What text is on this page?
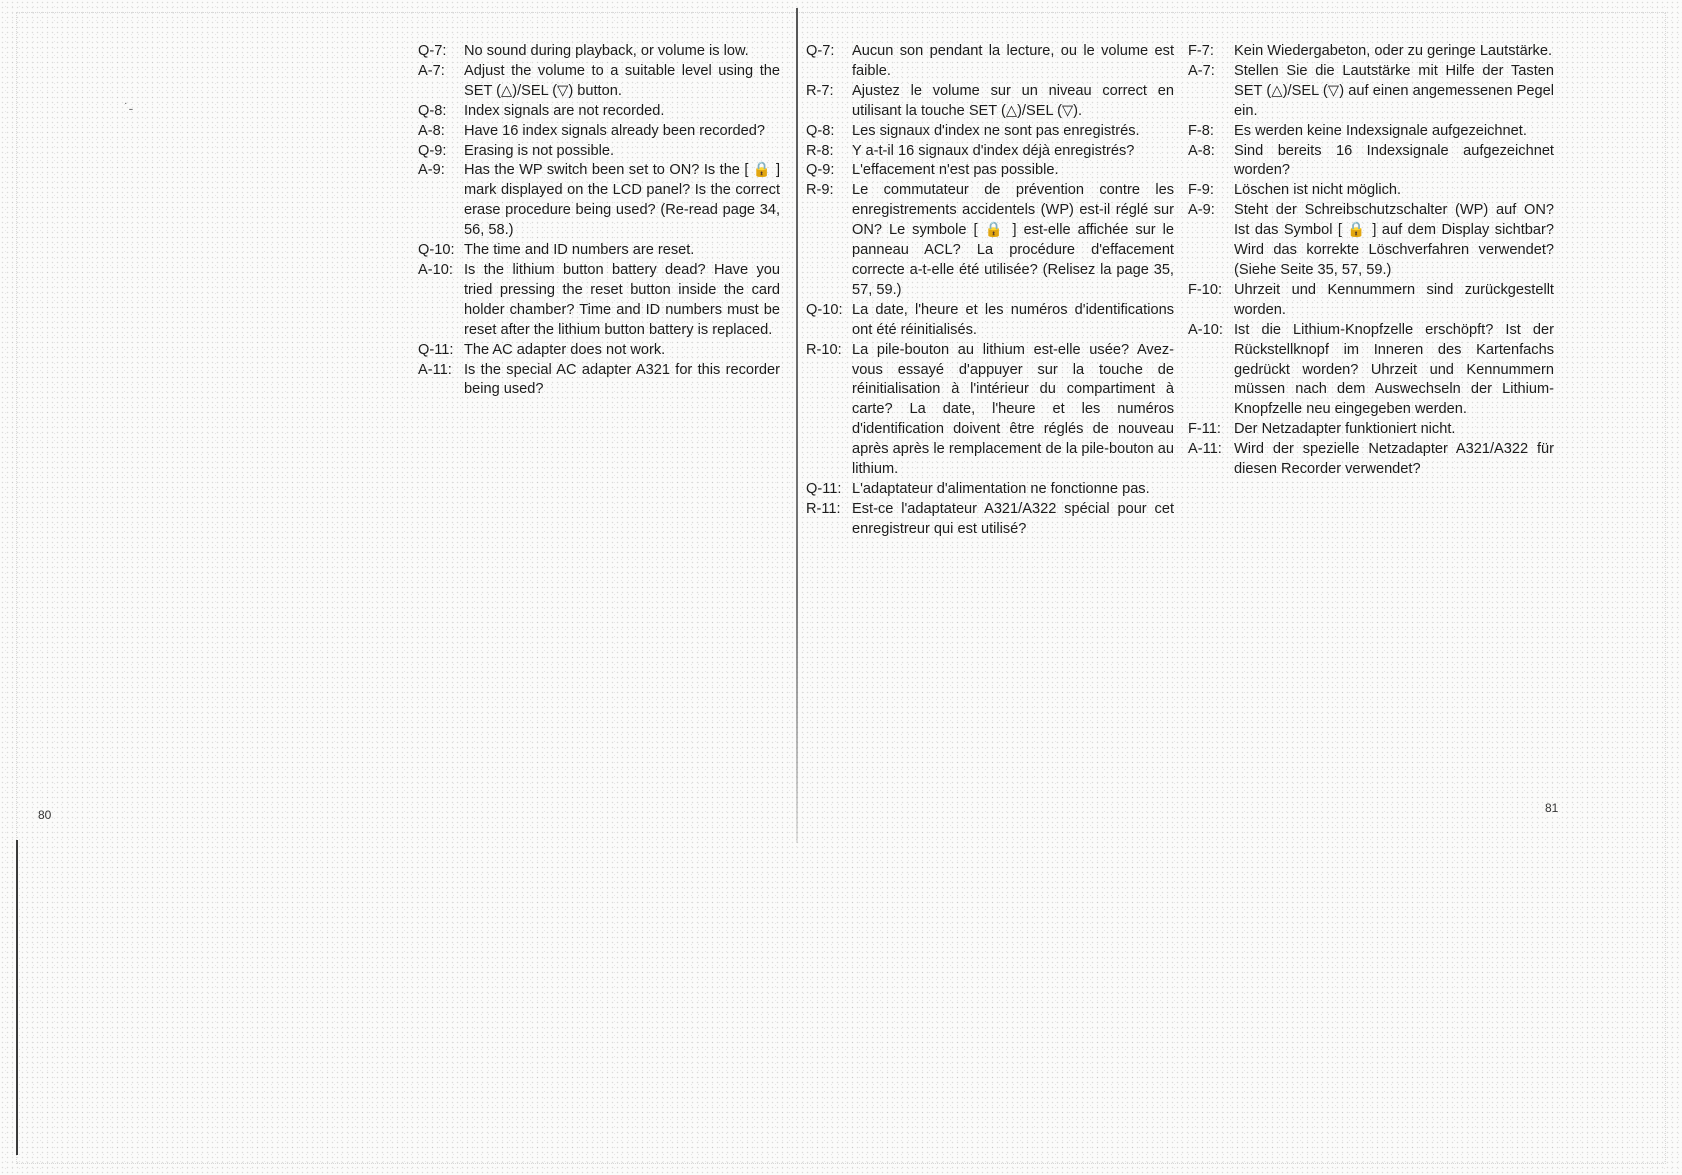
˙-
Q-7:	No sound during playback, or volume is low.
A-7:	Adjust the volume to a suitable level using the SET (△)/SEL (▽) button.
Q-8:	Index signals are not recorded.
A-8:	Have 16 index signals already been recorded?
Q-9:	Erasing is not possible.
A-9:	Has the WP switch been set to ON? Is the [ 🔒 ] mark displayed on the LCD panel? Is the correct erase procedure being used? (Re-read page 34, 56, 58.)
Q-10: The time and ID numbers are reset.
A-10: Is the lithium button battery dead? Have you tried pressing the reset button inside the card holder chamber? Time and ID numbers must be reset after the lithium button battery is replaced.
Q-11: The AC adapter does not work.
A-11: Is the special AC adapter A321 for this recorder being used?
Q-7:	Aucun son pendant la lecture, ou le volume est faible.
R-7:	Ajustez le volume sur un niveau correct en utilisant la touche SET (△)/SEL (▽).
Q-8:	Les signaux d'index ne sont pas enregistrés.
R-8:	Y a-t-il 16 signaux d'index déjà enregistrés?
Q-9:	L'effacement n'est pas possible.
R-9:	Le commutateur de prévention contre les enregistrements accidentels (WP) est-il réglé sur ON? Le symbole [ 🔒 ] est-elle affichée sur le panneau ACL? La procédure d'effacement correcte a-t-elle été utilisée? (Relisez la page 35, 57, 59.)
Q-10: La date, l'heure et les numéros d'identifications ont été réinitialisés.
R-10: La pile-bouton au lithium est-elle usée? Avez-vous essayé d'appuyer sur la touche de réinitialisation à l'intérieur du compartiment à carte? La date, l'heure et les numéros d'identification doivent être réglés de nouveau après après le remplacement de la pile-bouton au lithium.
Q-11: L'adaptateur d'alimentation ne fonctionne pas.
R-11: Est-ce l'adaptateur A321/A322 spécial pour cet enregistreur qui est utilisé?
F-7:	Kein Wiedergabeton, oder zu geringe Lautstärke.
A-7:	Stellen Sie die Lautstärke mit Hilfe der Tasten SET (△)/SEL (▽) auf einen angemessenen Pegel ein.
F-8:	Es werden keine Indexsignale aufgezeichnet.
A-8:	Sind bereits 16 Indexsignale aufgezeichnet worden?
F-9:	Löschen ist nicht möglich.
A-9:	Steht der Schreibschutzschalter (WP) auf ON? Ist das Symbol [ 🔒 ] auf dem Display sichtbar? Wird das korrekte Löschverfahren verwendet? (Siehe Seite 35, 57, 59.)
F-10: Uhrzeit und Kennummern sind zurückgestellt worden.
A-10: Ist die Lithium-Knopfzelle erschöpft? Ist der Rückstellknopf im Inneren des Kartenfachs gedrückt worden? Uhrzeit und Kennummern müssen nach dem Auswechseln der Lithium-Knopfzelle neu eingegeben werden.
F-11: Der Netzadapter funktioniert nicht.
A-11: Wird der spezielle Netzadapter A321/A322 für diesen Recorder verwendet?
80	81
